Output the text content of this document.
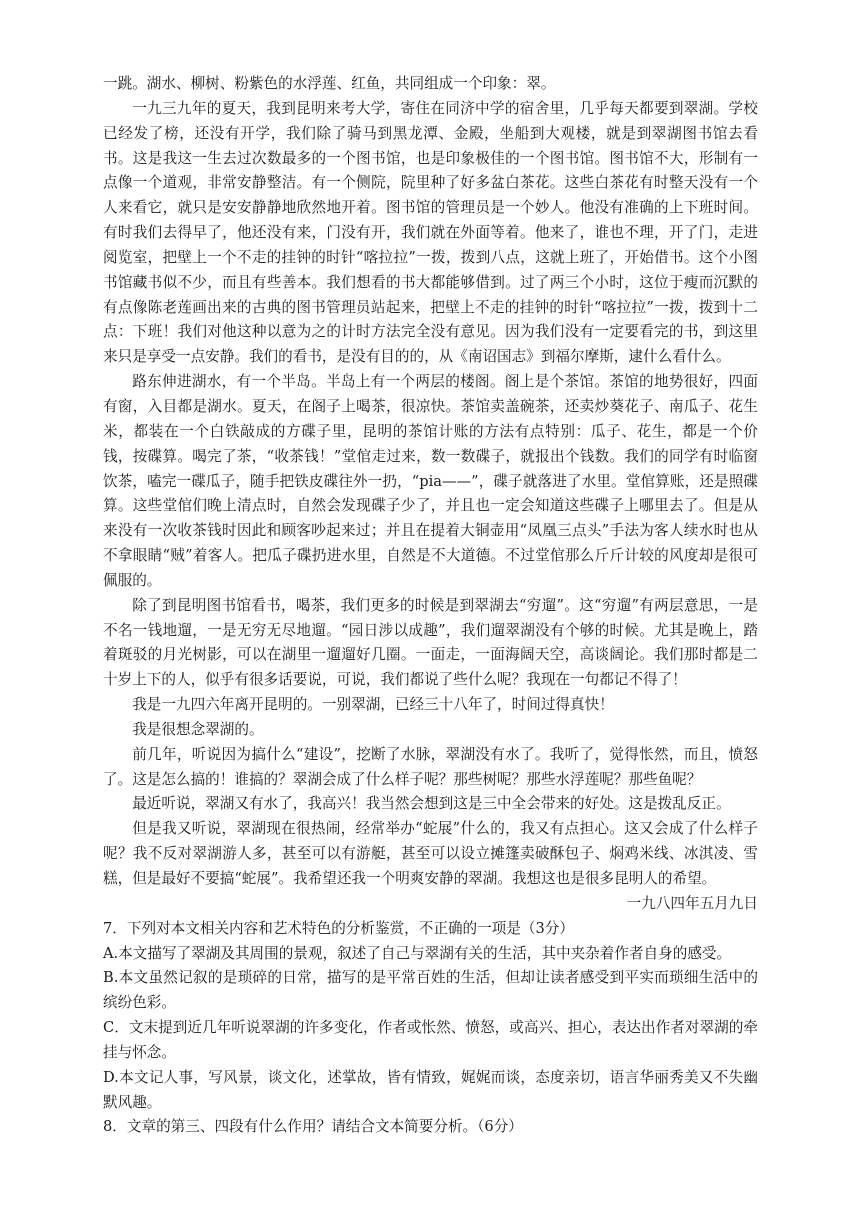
一跳。湖水、柳树、粉紫色的水浮莲、红鱼，共同组成一个印象：翠。

一九三九年的夏天，我到昆明来考大学，寄住在同济中学的宿舍里，几乎每天都要到翠湖。学校已经发了榜，还没有开学，我们除了骑马到黑龙潭、金殿，坐船到大观楼，就是到翠湖图书馆去看书。这是我这一生去过次数最多的一个图书馆，也是印象极佳的一个图书馆。图书馆不大，形制有一点像一个道观，非常安静整洁。有一个侧院，院里种了好多盆白茶花。这些白茶花有时整天没有一个人来看它，就只是安安静静地欣然地开着。图书馆的管理员是一个妙人。他没有准确的上下班时间。有时我们去得早了，他还没有来，门没有开，我们就在外面等着。他来了，谁也不理，开了门，走进阅览室，把壁上一个不走的挂钟的时针“喀拉拉”一拨，拨到八点，这就上班了，开始借书。这个小图书馆藏书似不少，而且有些善本。我们想看的书大都能够借到。过了两三个小时，这位于瘦而沉默的有点像陈老莲画出来的古典的图书管理员站起来，把壁上不走的挂钟的时针“喀拉拉”一拨，拨到十二点：下班！我们对他这种以意为之的计时方法完全没有意见。因为我们没有一定要看完的书，到这里来只是享受一点安静。我们的看书，是没有目的的，从《南诏国志》到福尔摩斯，逮什么看什么。

路东伸进湖水，有一个半岛。半岛上有一个两层的楼阁。阁上是个茶馆。茶馆的地势很好，四面有窗，入目都是湖水。夏天，在阁子上喝茶，很凉快。茶馆卖盖碗茶，还卖炒葵花子、南瓜子、花生米，都装在一个白铁敲成的方碟子里，昆明的茶馆计账的方法有点特别：瓜子、花生，都是一个价钱，按碟算。喝完了茶，“收茶钱！”堂倌走过来，数一数碟子，就报出个钱数。我们的同学有时临窗饮茶，嗑完一碟瓜子，随手把铁皮碟往外一扔，“pia——”，碟子就落进了水里。堂倌算账，还是照碟算。这些堂倌们晚上清点时，自然会发现碟子少了，并且也一定会知道这些碟子上哪里去了。但是从来没有一次收茶钱时因此和顾客吵起来过；并且在提着大铜壶用“凤凰三点头”手法为客人续水时也从不拿眼睛“贼”着客人。把瓜子碟扔进水里，自然是不大道德。不过堂倌那么斤斤计较的风度却是很可佩服的。

除了到昆明图书馆看书，喝茶，我们更多的时候是到翠湖去“穷遛”。这“穷遛”有两层意思，一是不名一钱地遛，一是无穷无尽地遛。“园日涉以成趣”，我们遛翠湖没有个够的时候。尤其是晚上，踏着斑驳的月光树影，可以在湖里一遛遛好几圈。一面走，一面海阔天空，高谈阔论。我们那时都是二十岁上下的人，似乎有很多话要说，可说，我们都说了些什么呢？我现在一句都记不得了！

我是一九四六年离开昆明的。一别翠湖，已经三十八年了，时间过得真快！

我是很想念翠湖的。

前几年，听说因为搞什么“建设”，挖断了水脉，翠湖没有水了。我听了，觉得怅然，而且，愤怒了。这是怎么搞的！谁搞的？翠湖会成了什么样子呢？那些树呢？那些水浮莲呢？那些鱼呢？

最近听说，翠湖又有水了，我高兴！我当然会想到这是三中全会带来的好处。这是拨乱反正。

但是我又听说，翠湖现在很热闹，经常举办“蛇展”什么的，我又有点担心。这又会成了什么样子呢？我不反对翠湖游人多，甚至可以有游艇，甚至可以设立摊篷卖破酥包子、焖鸡米线、冰淇凌、雪糕，但是最好不要搞“蛇展”。我希望还我一个明爽安静的翠湖。我想这也是很多昆明人的希望。

一九八四年五月九日

7．下列对本文相关内容和艺术特色的分析鉴赏，不正确的一项是（3分）

A.本文描写了翠湖及其周围的景观，叙述了自己与翠湖有关的生活，其中夹杂着作者自身的感受。

B.本文虽然记叙的是琐碎的日常，描写的是平常百姓的生活，但却让读者感受到平实而琐细生活中的缤纷色彩。

C．文末提到近几年听说翠湖的许多变化，作者或怅然、愤怒，或高兴、担心，表达出作者对翠湖的牵挂与怀念。

D.本文记人事，写风景，谈文化，述掌故，皆有情致，娓娓而谈，态度亲切，语言华丽秀美又不失幽默风趣。

8．文章的第三、四段有什么作用？请结合文本简要分析。（6分）
